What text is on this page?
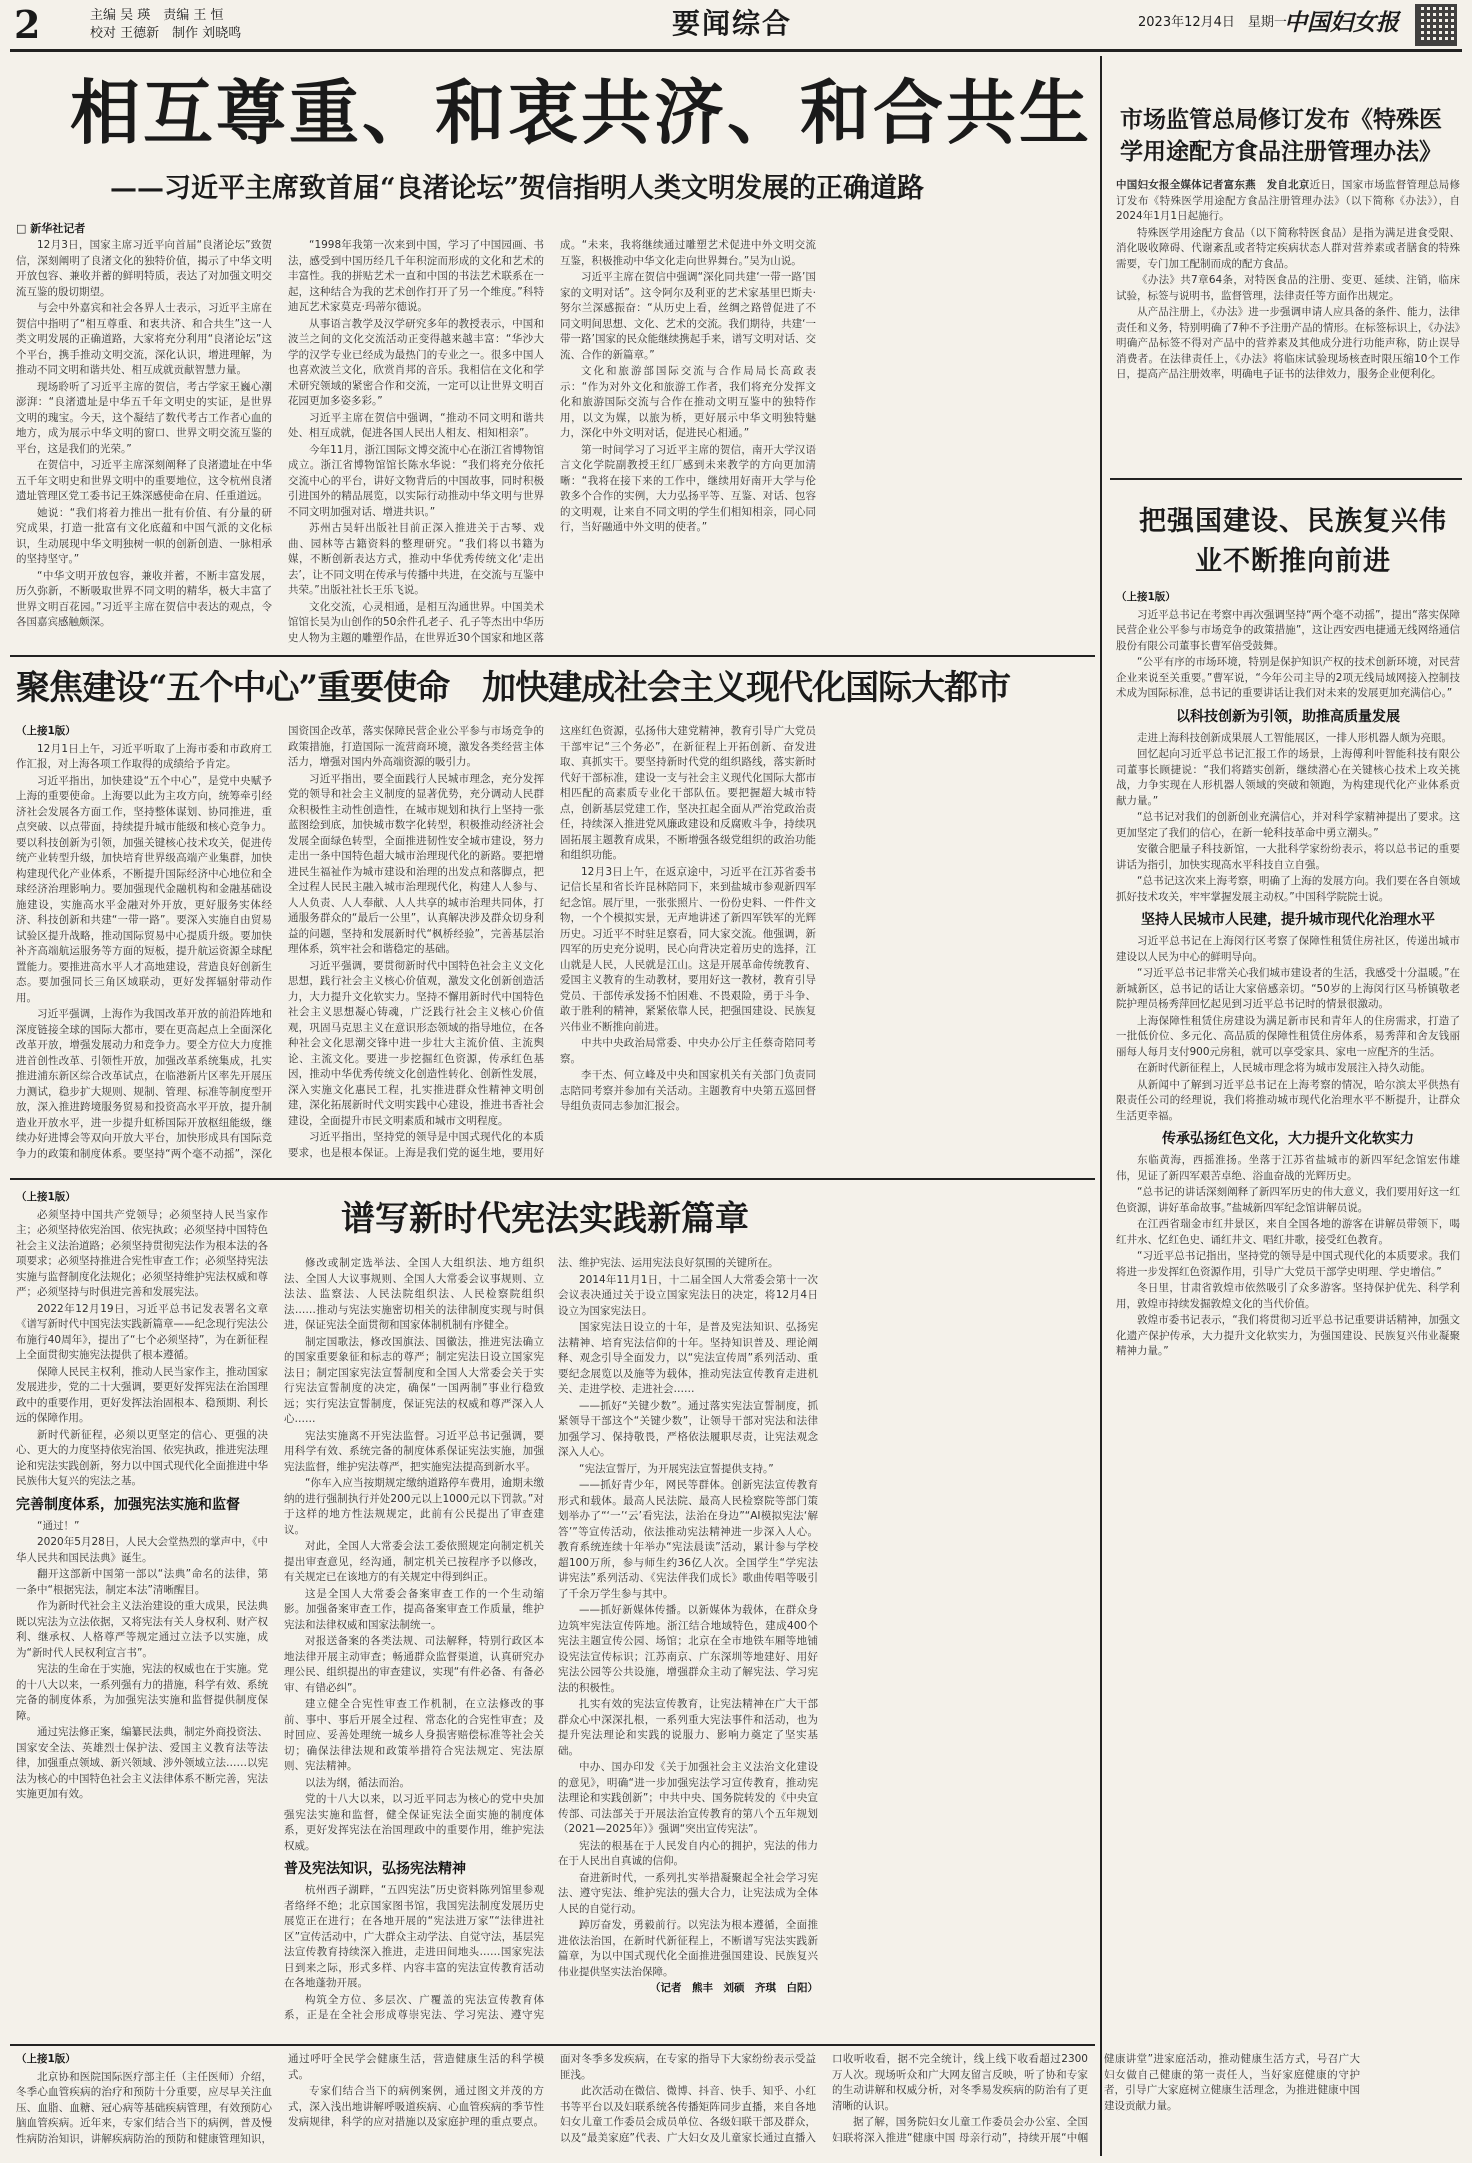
2	主编 吴 瑛　责编 王 恒
校对 王德新　制作 刘晓鸣	要闻综合	2023年12月4日　星期一
中国妇女报
相互尊重、和衷共济、和合共生
——习近平主席致首届“良渚论坛”贺信指明人类文明发展的正确道路
□ 新华社记者

12月3日，国家主席习近平向首届“良渚论坛”致贺信，深刻阐明了良渚文化的独特价值，揭示了中华文明开放包容、兼收并蓄的鲜明特质，表达了对加强文明交流互鉴的殷切期望。

与会中外嘉宾和社会各界人士表示，习近平主席在贺信中指明了“相互尊重、和衷共济、和合共生”这一人类文明发展的正确道路，大家将充分利用“良渚论坛”这个平台，携手推动文明交流，深化认识，增进理解，为推动不同文明和谐共处、相互成就贡献智慧力量。

现场聆听了习近平主席的贺信，考古学家王巍心潮澎湃：“良渚遗址是中华五千年文明史的实证，是世界文明的瑰宝。今天，这个凝结了数代考古工作者心血的地方，成为展示中华文明的窗口、世界文明交流互鉴的平台，这是我们的光荣。”

在贺信中，习近平主席深刻阐释了良渚遗址在中华五千年文明史和世界文明中的重要地位，这令杭州良渚遗址管理区党工委书记王姝深感使命在肩、任重道远。

她说：“我们将着力推出一批有价值、有分量的研究成果，打造一批富有文化底蕴和中国气派的文化标识，生动展现中华文明独树一帜的创新创造、一脉相承的坚持坚守。”

“中华文明开放包容，兼收并蓄，不断丰富发展，历久弥新，不断吸取世界不同文明的精华，极大丰富了世界文明百花园。”习近平主席在贺信中表达的观点，令各国嘉宾感触颇深。

“1998年我第一次来到中国，学习了中国园画、书法，感受到中国历经几千年积淀而形成的文化和艺术的丰富性。我的拼贴艺术一直和中国的书法艺术联系在一起，这种结合为我的艺术创作打开了另一个维度。”科特迪瓦艺术家莫克·玛蒂尔德说。

从事语言教学及汉学研究多年的教授表示，中国和波兰之间的文化交流活动正变得越来越丰富：“华沙大学的汉学专业已经成为最热门的专业之一。很多中国人也喜欢波兰文化，欣赏肖邦的音乐。我相信在文化和学术研究领域的紧密合作和交流，一定可以让世界文明百花园更加多姿多彩。”

习近平主席在贺信中强调，“推动不同文明和谐共处、相互成就，促进各国人民出人相友、相知相亲”。

今年11月，浙江国际文博交流中心在浙江省博物馆成立。浙江省博物馆馆长陈水华说：“我们将充分依托交流中心的平台，讲好文物背后的中国故事，同时积极引进国外的精品展览，以实际行动推动中华文明与世界不同文明加强对话、增进共识。”

苏州古吴轩出版社目前正深入推进关于古琴、戏曲、园林等古籍资料的整理研究。“我们将以书籍为媒，不断创新表达方式，推动中华优秀传统文化‘走出去’，让不同文明在传承与传播中共进，在交流与互鉴中共荣。”出版社社长王乐飞说。

文化交流，心灵相通，是相互沟通世界。中国美术馆馆长吴为山创作的50余件孔老子、孔子等杰出中华历史人物为主题的雕塑作品，在世界近30个国家和地区落成。“未来，我将继续通过雕塑艺术促进中外文明交流互鉴，积极推动中华文化走向世界舞台。”吴为山说。

习近平主席在贺信中强调“深化同共建‘一带一路’国家的文明对话”。这令阿尔及利亚的艺术家基里巴斯夫·努尔兰深感振奋：“从历史上看，丝绸之路曾促进了不同文明间思想、文化、艺术的交流。我们期待，共建‘一带一路’国家的民众能继续携起手来，谱写文明对话、交流、合作的新篇章。”

文化和旅游部国际交流与合作局局长高政表示：“作为对外文化和旅游工作者，我们将充分发挥文化和旅游国际交流与合作在推动文明互鉴中的独特作用，以文为媒，以旅为桥，更好展示中华文明独特魅力，深化中外文明对话，促进民心相通。”

第一时间学习了习近平主席的贺信，南开大学汉语言文化学院副教授王红厂感到未来教学的方向更加清晰：“我将在接下来的工作中，继续用好南开大学与伦敦多个合作的实例，大力弘扬平等、互鉴、对话、包容的文明观，让来自不同文明的学生们相知相亲，同心同行，当好融通中外文明的使者。”

聚焦建设“五个中心”重要使命　加快建成社会主义现代化国际大都市
（上接1版）

12月1日上午，习近平听取了上海市委和市政府工作汇报，对上海各项工作取得的成绩给予肯定。

习近平指出，加快建设“五个中心”，是党中央赋予上海的重要使命。上海要以此为主攻方向，统筹牵引经济社会发展各方面工作，坚持整体谋划、协同推进，重点突破、以点带面，持续提升城市能级和核心竞争力。要以科技创新为引领，加强关键核心技术攻关，促进传统产业转型升级，加快培育世界级高端产业集群，加快构建现代化产业体系，不断提升国际经济中心地位和全球经济治理影响力。要加强现代金融机构和金融基础设施建设，实施高水平金融对外开放，更好服务实体经济、科技创新和共建“一带一路”。要深入实施自由贸易试验区提升战略，推动国际贸易中心提质升级。要加快补齐高端航运服务等方面的短板，提升航运资源全球配置能力。要推进高水平人才高地建设，营造良好创新生态。要加强同长三角区域联动，更好发挥辐射带动作用。

习近平强调，上海作为我国改革开放的前沿阵地和深度链接全球的国际大都市，要在更高起点上全面深化改革开放，增强发展动力和竞争力。要全方位大力度推进首创性改革、引领性开放，加强改革系统集成，扎实推进浦东新区综合改革试点，在临港新片区率先开展压力测试，稳步扩大规则、规制、管理、标准等制度型开放，深入推进跨境服务贸易和投资高水平开放，提升制造业开放水平，进一步提升虹桥国际开放枢纽能级，继续办好进博会等双向开放大平台，加快形成具有国际竞争力的政策和制度体系。要坚持“两个毫不动摇”，深化国资国企改革，落实保障民营企业公平参与市场竞争的政策措施，打造国际一流营商环境，激发各类经营主体活力，增强对国内外高端资源的吸引力。

习近平指出，要全面践行人民城市理念，充分发挥党的领导和社会主义制度的显著优势，充分调动人民群众积极性主动性创造性，在城市规划和执行上坚持一张蓝图绘到底，加快城市数字化转型，积极推动经济社会发展全面绿色转型，全面推进韧性安全城市建设，努力走出一条中国特色超大城市治理现代化的新路。要把增进民生福祉作为城市建设和治理的出发点和落脚点，把全过程人民民主融入城市治理现代化，构建人人参与、人人负责、人人奉献、人人共享的城市治理共同体，打通服务群众的“最后一公里”，认真解决涉及群众切身利益的问题，坚持和发展新时代“枫桥经验”，完善基层治理体系，筑牢社会和谐稳定的基础。

习近平强调，要贯彻新时代中国特色社会主义文化思想，践行社会主义核心价值观，激发文化创新创造活力，大力提升文化软实力。坚持不懈用新时代中国特色社会主义思想凝心铸魂，广泛践行社会主义核心价值观，巩固马克思主义在意识形态领域的指导地位，在各种社会文化思潮交锋中进一步壮大主流价值、主流舆论、主流文化。要进一步挖掘红色资源，传承红色基因，推动中华优秀传统文化创造性转化、创新性发展，深入实施文化惠民工程，扎实推进群众性精神文明创建，深化拓展新时代文明实践中心建设，推进书香社会建设，全面提升市民文明素质和城市文明程度。

习近平指出，坚持党的领导是中国式现代化的本质要求，也是根本保证。上海是我们党的诞生地，要用好这座红色资源，弘扬伟大建党精神，教育引导广大党员干部牢记“三个务必”，在新征程上开拓创新、奋发进取、真抓实干。要坚持新时代党的组织路线，落实新时代好干部标准，建设一支与社会主义现代化国际大都市相匹配的高素质专业化干部队伍。要把握超大城市特点，创新基层党建工作，坚决扛起全面从严治党政治责任，持续深入推进党风廉政建设和反腐败斗争，持续巩固拓展主题教育成果，不断增强各级党组织的政治功能和组织功能。

12月3日上午，在返京途中，习近平在江苏省委书记信长星和省长许昆林陪同下，来到盐城市参观新四军纪念馆。展厅里，一张张照片、一份份史料、一件件文物，一个个模拟实景，无声地讲述了新四军铁军的光辉历史。习近平不时驻足察看，同大家交流。他强调，新四军的历史充分说明，民心向背决定着历史的选择，江山就是人民，人民就是江山。这是开展革命传统教育、爱国主义教育的生动教材，要用好这一教材，教育引导党员、干部传承发扬不怕困难、不畏艰险，勇于斗争、敢于胜利的精神，紧紧依靠人民，把强国建设、民族复兴伟业不断推向前进。

中共中央政治局常委、中央办公厅主任蔡奇陪同考察。

李干杰、何立峰及中央和国家机关有关部门负责同志陪同考察并参加有关活动。主题教育中央第五巡回督导组负责同志参加汇报会。

（上接1版）

必须坚持中国共产党领导；必须坚持人民当家作主；必须坚持依宪治国、依宪执政；必须坚持中国特色社会主义法治道路；必须坚持贯彻宪法作为根本法的各项要求；必须坚持推进合宪性审查工作；必须坚持宪法实施与监督制度化法规化；必须坚持维护宪法权威和尊严；必须坚持与时俱进完善和发展宪法。

2022年12月19日，习近平总书记发表署名文章《谱写新时代中国宪法实践新篇章——纪念现行宪法公布施行40周年》，提出了“七个必须坚持”，为在新征程上全面贯彻实施宪法提供了根本遵循。

保障人民民主权利，推动人民当家作主，推动国家发展进步，党的二十大强调，要更好发挥宪法在治国理政中的重要作用，更好发挥法治固根本、稳预期、利长远的保障作用。

新时代新征程，必须以更坚定的信心、更强的决心、更大的力度坚持依宪治国、依宪执政，推进宪法理论和宪法实践创新，努力以中国式现代化全面推进中华民族伟大复兴的宪法之基。

完善制度体系，加强宪法实施和监督

“通过！”

2020年5月28日，人民大会堂热烈的掌声中，《中华人民共和国民法典》诞生。

翻开这部新中国第一部以“法典”命名的法律，第一条中“根据宪法，制定本法”清晰醒目。

作为新时代社会主义法治建设的重大成果，民法典既以宪法为立法依据，又将宪法有关人身权利、财产权利、继承权、人格尊严等规定通过立法予以实施，成为“新时代人民权利宣言书”。

宪法的生命在于实施，宪法的权威也在于实施。党的十八大以来，一系列强有力的措施，科学有效、系统完备的制度体系，为加强宪法实施和监督提供制度保障。

通过宪法修正案，编纂民法典，制定外商投资法、国家安全法、英雄烈士保护法、爱国主义教育法等法律，加强重点领域、新兴领域、涉外领域立法……以宪法为核心的中国特色社会主义法律体系不断完善，宪法实施更加有效。

谱写新时代宪法实践新篇章

修改或制定选举法、全国人大组织法、地方组织法、全国人大议事规则、全国人大常委会议事规则、立法法、监察法、人民法院组织法、人民检察院组织法……推动与宪法实施密切相关的法律制度实现与时俱进，保证宪法全面贯彻和国家体制机制有序健全。

制定国歌法，修改国旗法、国徽法，推进宪法确立的国家重要象征和标志的尊严；制定宪法日设立国家宪法日；制定国家宪法宣誓制度和全国人大常委会关于实行宪法宣誓制度的决定，确保“一国两制”事业行稳致远；实行宪法宣誓制度，保证宪法的权威和尊严深入人心……

宪法实施离不开宪法监督。习近平总书记强调，要用科学有效、系统完备的制度体系保证宪法实施，加强宪法监督，维护宪法尊严，把实施宪法提高到新水平。

“你车入应当按期规定缴纳道路停车费用，逾期未缴纳的进行强制执行并处200元以上1000元以下罚款。”对于这样的地方性法规规定，此前有公民提出了审查建议。

对此，全国人大常委会法工委依照规定向制定机关提出审查意见，经沟通，制定机关已按程序予以修改，有关规定已在该地方的有关规定中得到纠正。

这是全国人大常委会备案审查工作的一个生动缩影。加强备案审查工作，提高备案审查工作质量，维护宪法和法律权威和国家法制统一。

对报送备案的各类法规、司法解释，特别行政区本地法律开展主动审查；畅通群众监督渠道，认真研究办理公民、组织提出的审查建议，实现“有件必备、有备必审、有错必纠”。

建立健全合宪性审查工作机制，在立法修改的事前、事中、事后开展全过程、常态化的合宪性审查；及时回应、妥善处理统一城乡人身损害赔偿标准等社会关切；确保法律法规和政策举措符合宪法规定、宪法原则、宪法精神。

以法为纲，循法而治。

党的十八大以来，以习近平同志为核心的党中央加强宪法实施和监督，健全保证宪法全面实施的制度体系，更好发挥宪法在治国理政中的重要作用，维护宪法权威。

普及宪法知识，弘扬宪法精神

杭州西子湖畔，“五四宪法”历史资料陈列馆里参观者络绎不绝；北京国家图书馆，我国宪法制度发展历史展览正在进行；在各地开展的“宪法进万家”“法律进社区”宣传活动中，广大群众主动学法、自觉守法，基层宪法宣传教育持续深入推进，走进田间地头……国家宪法日到来之际，形式多样、内容丰富的宪法宣传教育活动在各地蓬勃开展。

构筑全方位、多层次、广覆盖的宪法宣传教育体系，正是在全社会形成尊崇宪法、学习宪法、遵守宪法、维护宪法、运用宪法良好氛围的关键所在。

2014年11月1日，十二届全国人大常委会第十一次会议表决通过关于设立国家宪法日的决定，将12月4日设立为国家宪法日。

国家宪法日设立的十年，是普及宪法知识、弘扬宪法精神、培育宪法信仰的十年。坚持知识普及、理论阐释、观念引导全面发力，以“宪法宣传周”系列活动、重要纪念展览以及施等为载体，推动宪法宣传教育走进机关、走进学校、走进社会……

——抓好“关键少数”。通过落实宪法宣誓制度，抓紧领导干部这个“关键少数”，让领导干部对宪法和法律加强学习、保持敬畏，严格依法履职尽责，让宪法观念深入人心。

“宪法宣誓厅，为开展宪法宣誓提供支持。”

——抓好青少年，网民等群体。创新宪法宣传教育形式和载体。最高人民法院、最高人民检察院等部门策划举办了“‘一’‘云’看宪法，法治在身边”“AI模拟宪法‘解答’”等宣传活动，依法推动宪法精神进一步深入人心。教育系统连续十年举办“宪法晨读”活动，累计参与学校超100万所，参与师生约36亿人次。全国学生“学宪法　讲宪法”系列活动、《宪法伴我们成长》歌曲传唱等吸引了千余万学生参与其中。

——抓好新媒体传播。以新媒体为载体，在群众身边筑牢宪法宣传阵地。浙江结合地域特色，建成400个宪法主题宣传公园、场馆；北京在全市地铁车厢等地铺设宪法宣传标识；江苏南京、广东深圳等地建好、用好宪法公园等公共设施，增强群众主动了解宪法、学习宪法的积极性。

扎实有效的宪法宣传教育，让宪法精神在广大干部群众心中深深扎根，一系列重大宪法事件和活动，也为提升宪法理论和实践的说服力、影响力奠定了坚实基础。

中办、国办印发《关于加强社会主义法治文化建设的意见》，明确“进一步加强宪法学习宣传教育，推动宪法理论和实践创新”；中共中央、国务院转发的《中央宣传部、司法部关于开展法治宣传教育的第八个五年规划（2021—2025年）》强调“突出宣传宪法”。

宪法的根基在于人民发自内心的拥护，宪法的伟力在于人民出自真诚的信仰。

奋进新时代，一系列扎实举措凝聚起全社会学习宪法、遵守宪法、维护宪法的强大合力，让宪法成为全体人民的自觉行动。

踔厉奋发，勇毅前行。以宪法为根本遵循，全面推进依法治国，在新时代新征程上，不断谱写宪法实践新篇章，为以中国式现代化全面推进强国建设、民族复兴伟业提供坚实法治保障。

（记者　熊丰　刘硕　齐琪　白阳）
（上接1版）

北京协和医院国际医疗部主任（主任医师）介绍，冬季心血管疾病的治疗和预防十分重要，应尽早关注血压、血脂、血糖、冠心病等基础疾病管理，有效预防心脑血管疾病。近年来，专家们结合当下的病例，普及慢性病防治知识，讲解疾病防治的预防和健康管理知识，通过呼吁全民学会健康生活，营造健康生活的科学模式。

专家们结合当下的病例案例，通过图文并茂的方式，深入浅出地讲解呼吸道疾病、心血管疾病的季节性发病规律，科学的应对措施以及家庭护理的重点要点。面对冬季多发疾病，在专家的指导下大家纷纷表示受益匪浅。

此次活动在微信、微博、抖音、快手、知乎、小红书等平台以及妇联系统各传播矩阵同步直播，来自各地妇女儿童工作委员会成员单位、各级妇联干部及群众，以及“最美家庭”代表、广大妇女及儿童家长通过直播入口收听收看，据不完全统计，线上线下收看超过2300万人次。现场听众和广大网友留言反映，听了协和专家的生动讲解和权威分析，对冬季易发疾病的防治有了更清晰的认识。

据了解，国务院妇女儿童工作委员会办公室、全国妇联将深入推进“健康中国 母亲行动”，持续开展“中帼健康讲堂”进家庭活动，推动健康生活方式，号召广大妇女做自己健康的第一责任人，当好家庭健康的守护者，引导广大家庭树立健康生活理念，为推进健康中国建设贡献力量。

市场监管总局修订发布《特殊医学用途配方食品注册管理办法》

中国妇女报全媒体记者富东燕　发自北京近日，国家市场监督管理总局修订发布《特殊医学用途配方食品注册管理办法》（以下简称《办法》），自2024年1月1日起施行。

特殊医学用途配方食品（以下简称特医食品）是指为满足进食受限、消化吸收障碍、代谢紊乱或者特定疾病状态人群对营养素或者膳食的特殊需要，专门加工配制而成的配方食品。

《办法》共7章64条，对特医食品的注册、变更、延续、注销，临床试验，标签与说明书，监督管理，法律责任等方面作出规定。

从产品注册上，《办法》进一步强调申请人应具备的条件、能力，法律责任和义务，特别明确了7种不予注册产品的情形。在标签标识上，《办法》明确产品标签不得对产品中的营养素及其他成分进行功能声称，防止误导消费者。在法律责任上，《办法》将临床试验现场核查时限压缩10个工作日，提高产品注册效率，明确电子证书的法律效力，服务企业便利化。

把强国建设、民族复兴伟业不断推向前进
（上接1版）

习近平总书记在考察中再次强调坚持“两个毫不动摇”，提出“落实保障民营企业公平参与市场竞争的政策措施”，这让西安西电捷通无线网络通信股份有限公司董事长曹军倍受鼓舞。

“公平有序的市场环境，特别是保护知识产权的技术创新环境，对民营企业来说至关重要。”曹军说，“今年公司主导的2项无线局域网接入控制技术成为国际标准，总书记的重要讲话让我们对未来的发展更加充满信心。”

以科技创新为引领，助推高质量发展

走进上海科技创新成果展人工智能展区，一排人形机器人颇为亮眼。

回忆起向习近平总书记汇报工作的场景，上海傅利叶智能科技有限公司董事长顾捷说：“我们将踏实创新，继续潜心在关键核心技术上攻关挑战，力争实现在人形机器人领域的突破和领跑，为构建现代化产业体系贡献力量。”

“总书记对我们的创新创业充满信心，并对科学家精神提出了要求。这更加坚定了我们的信心，在新一轮科技革命中勇立潮头。”

安徽合肥量子科技新馆，一大批科学家纷纷表示，将以总书记的重要讲话为指引，加快实现高水平科技自立自强。

“总书记这次来上海考察，明确了上海的发展方向。我们要在各自领域抓好技术攻关，牢牢掌握发展主动权。”中国科学院院士说。

坚持人民城市人民建，提升城市现代化治理水平

习近平总书记在上海闵行区考察了保障性租赁住房社区，传递出城市建设以人民为中心的鲜明导向。

“习近平总书记非常关心我们城市建设者的生活，我感受十分温暖。”在新城新区，总书记的话让大家倍感亲切。“50岁的上海闵行区马桥镇敬老院护理员杨秀萍回忆起见到习近平总书记时的情景很激动。

上海保障性租赁住房建设为满足新市民和青年人的住房需求，打造了一批低价位、多元化、高品质的保障性租赁住房体系，易秀萍和舍友钱丽丽每人每月支付900元房租，就可以享受家具、家电一应配齐的生活。

在新时代新征程上，人民城市理念将为城市发展注入持久动能。

从新闻中了解到习近平总书记在上海考察的情况，哈尔滨太平供热有限责任公司的经理说，我们将推动城市现代化治理水平不断提升，让群众生活更幸福。

传承弘扬红色文化，大力提升文化软实力

东临黄海，西摇淮扬。坐落于江苏省盐城市的新四军纪念馆宏伟雄伟，见证了新四军艰苦卓绝、浴血奋战的光辉历史。

“总书记的讲话深刻阐释了新四军历史的伟大意义，我们要用好这一红色资源，讲好革命故事。”盐城新四军纪念馆讲解员说。

在江西省瑞金市红井景区，来自全国各地的游客在讲解员带领下，喝红井水、忆红色史、诵红井文、唱红井歌，接受红色教育。

“习近平总书记指出，坚持党的领导是中国式现代化的本质要求。我们将进一步发挥红色资源作用，引导广大党员干部学史明理、学史增信。”

冬日里，甘肃省敦煌市依然吸引了众多游客。坚持保护优先、科学利用，敦煌市持续发掘敦煌文化的当代价值。

敦煌市委书记表示，“我们将贯彻习近平总书记重要讲话精神，加强文化遗产保护传承，大力提升文化软实力，为强国建设、民族复兴伟业凝聚精神力量。”
